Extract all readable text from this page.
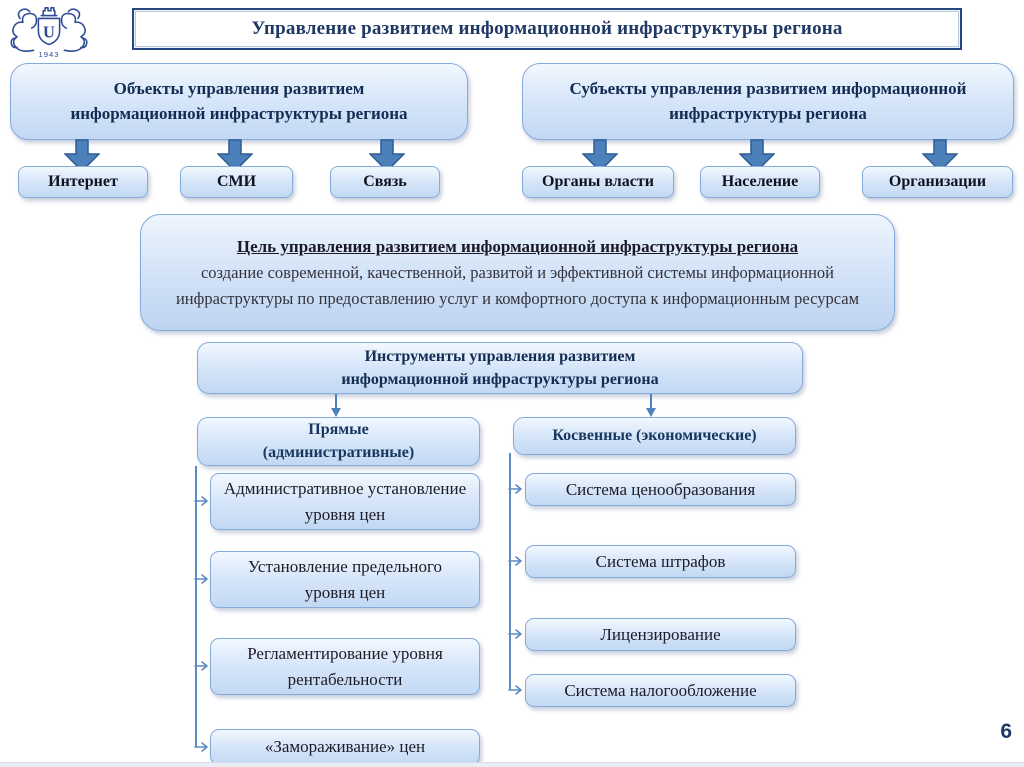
U
1943
Управление развитием информационной инфраструктуры региона
Объекты управления развитием
информационной инфраструктуры региона
Субъекты управления развитием информационной
инфраструктуры региона
Интернет	СМИ	Связь	Органы власти	Население	Организации
Цель управления развитием информационной инфраструктуры региона
создание современной, качественной, развитой и эффективной системы информационной инфраструктуры по предоставлению услуг и комфортного доступа к информационным ресурсам
Инструменты управления развитием
информационной инфраструктуры региона
Прямые
(административные)
Косвенные (экономические)
Административное установление уровня цен
Установление предельного уровня цен
Регламентирование уровня рентабельности
«Замораживание» цен
Система ценообразования
Система штрафов
Лицензирование
Система налогообложение
6
